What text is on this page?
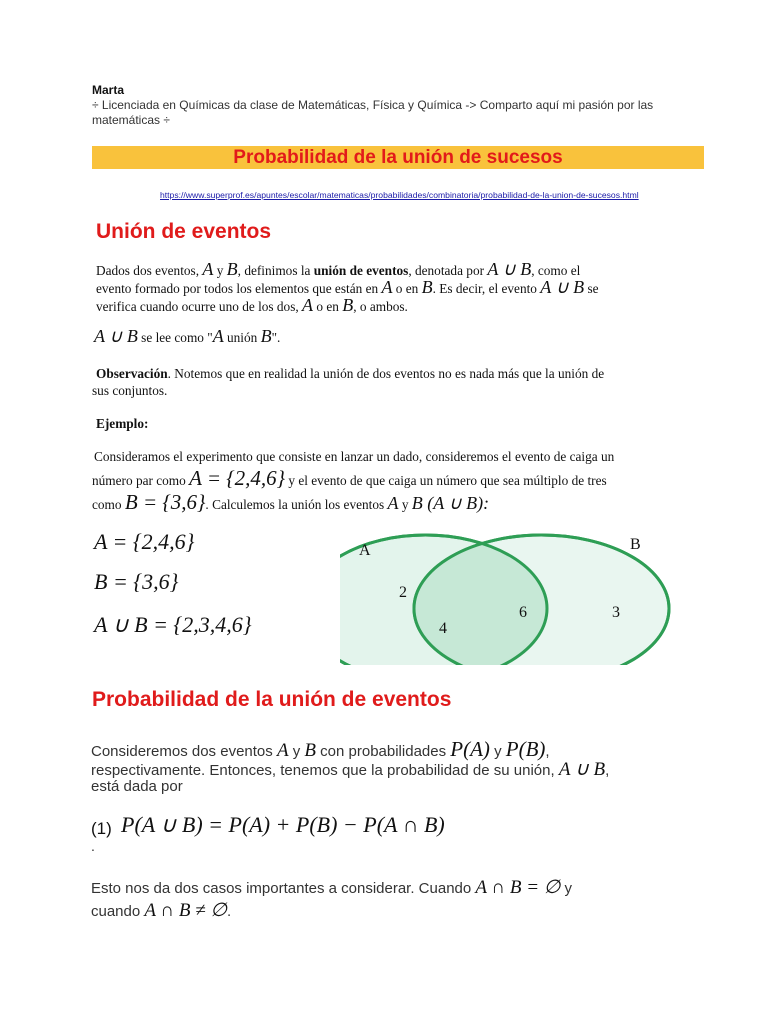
Marta
÷ Licenciada en Químicas da clase de Matemáticas, Física y Química -> Comparto aquí mi pasión por las matemáticas ÷
Probabilidad de la unión de sucesos
https://www.superprof.es/apuntes/escolar/matematicas/probabilidades/combinatoria/probabilidad-de-la-union-de-sucesos.html
Unión de eventos
Dados dos eventos, A y B, definimos la unión de eventos, denotada por A ∪ B, como el
evento formado por todos los elementos que están en A o en B. Es decir, el evento A ∪ B se
verifica cuando ocurre uno de los dos, A o en B, o ambos.
A ∪ B se lee como "A unión B".
Observación. Notemos que en realidad la unión de dos eventos no es nada más que la unión de
sus conjuntos.
Ejemplo:
Consideramos el experimento que consiste en lanzar un dado, consideremos el evento de caiga un
número par como A = {2,4,6} y el evento de que caiga un número que sea múltiplo de tres
como B = {3,6}. Calculemos la unión los eventos A y B (A ∪ B):
A = {2,4,6}
B = {3,6}
A ∪ B = {2,3,4,6}
A	B
2
4
6	3
Probabilidad de la unión de eventos
Consideremos dos eventos A y B con probabilidades P(A) y P(B),
respectivamente. Entonces, tenemos que la probabilidad de su unión, A ∪ B,
está dada por
(1) P(A ∪ B) = P(A) + P(B) − P(A ∩ B)
.
Esto nos da dos casos importantes a considerar. Cuando A ∩ B = ∅ y
cuando A ∩ B ≠ ∅.
